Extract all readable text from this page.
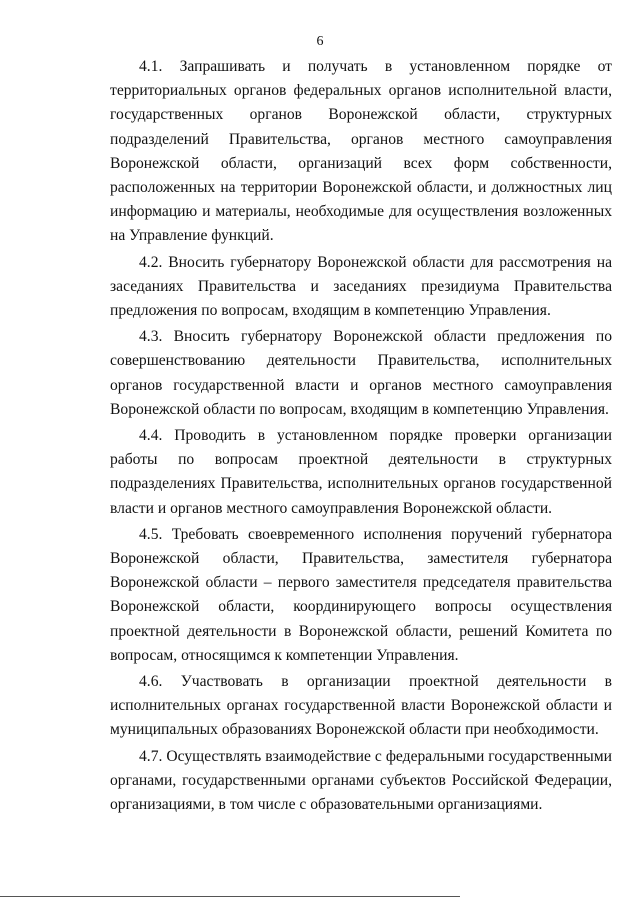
6

4.1. Запрашивать и получать в установленном порядке от территориальных органов федеральных органов исполнительной власти, государственных органов Воронежской области, структурных подразделений Правительства, органов местного самоуправления Воронежской области, организаций всех форм собственности, расположенных на территории Воронежской области, и должностных лиц информацию и материалы, необходимые для осуществления возложенных на Управление функций.

4.2. Вносить губернатору Воронежской области для рассмотрения на заседаниях Правительства и заседаниях президиума Правительства предложения по вопросам, входящим в компетенцию Управления.

4.3. Вносить губернатору Воронежской области предложения по совершенствованию деятельности Правительства, исполнительных органов государственной власти и органов местного самоуправления Воронежской области по вопросам, входящим в компетенцию Управления.

4.4. Проводить в установленном порядке проверки организации работы по вопросам проектной деятельности в структурных подразделениях Правительства, исполнительных органов государственной власти и органов местного самоуправления Воронежской области.

4.5. Требовать своевременного исполнения поручений губернатора Воронежской области, Правительства, заместителя губернатора Воронежской области – первого заместителя председателя правительства Воронежской области, координирующего вопросы осуществления проектной деятельности в Воронежской области, решений Комитета по вопросам, относящимся к компетенции Управления.

4.6. Участвовать в организации проектной деятельности в исполнительных органах государственной власти Воронежской области и муниципальных образованиях Воронежской области при необходимости.

4.7. Осуществлять взаимодействие с федеральными государственными органами, государственными органами субъектов Российской Федерации, организациями, в том числе с образовательными организациями.
